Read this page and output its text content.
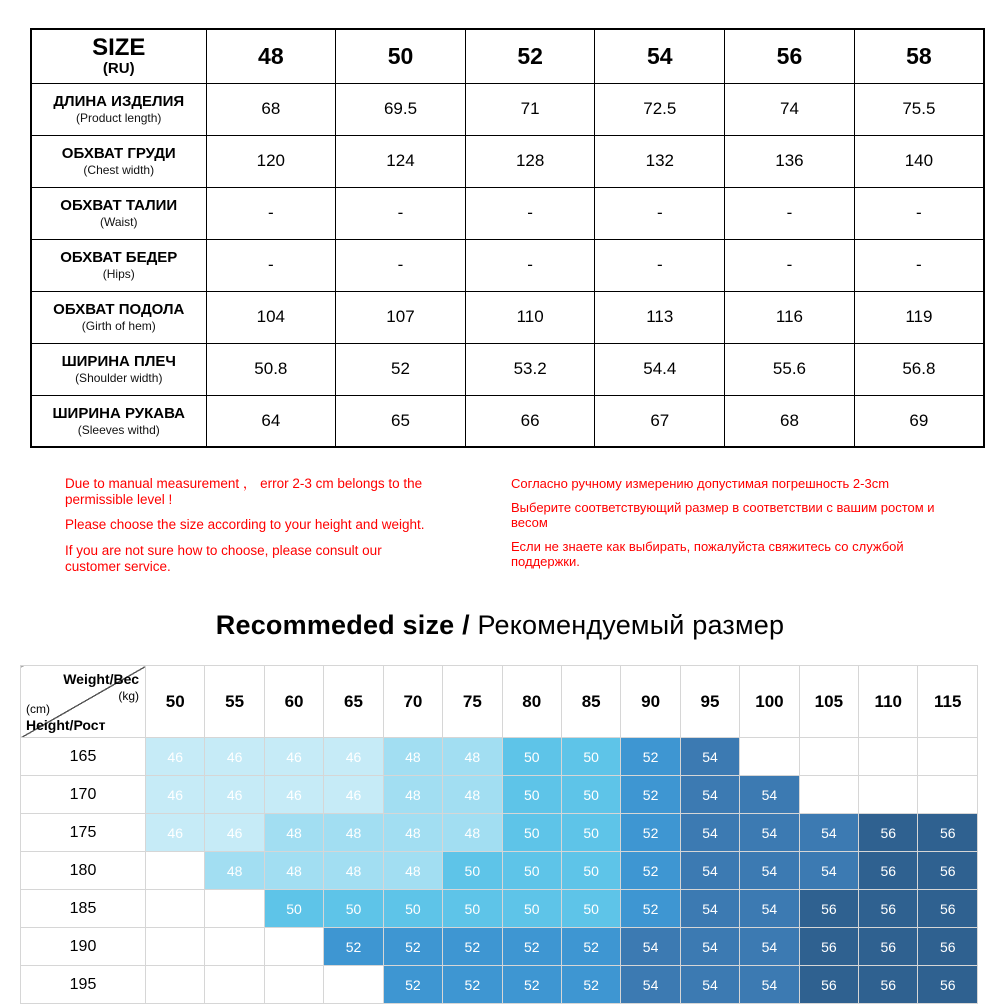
SIZE
(RU)	48	50	52	54	56	58

ДЛИНА ИЗДЕЛИЯ
(Product length)	68	69.5	71	72.5	74	75.5

ОБХВАТ ГРУДИ
(Chest width)	120	124	128	132	136	140

ОБХВАТ ТАЛИИ
(Waist)	-	-	-	-	-	-

ОБХВАТ БЕДЕР
(Hips)	-	-	-	-	-	-

ОБХВАТ ПОДОЛА
(Girth of hem)	104	107	110	113	116	119

ШИРИНА ПЛЕЧ
(Shoulder width)	50.8	52	53.2	54.4	55.6	56.8

ШИРИНА РУКАВА
(Sleeves withd)	64	65	66	67	68	69

Due to manual measurement ， error 2-3 cm belongs to the permissible level !

Please choose the size according to your height and weight.

If you are not sure how to choose, please consult our customer service.

Согласно ручному измерению допустимая погрешность 2-3cm

Выберите соответствующий размер в соответствии с вашим ростом и весом

Если не знаете как выбирать, пожалуйста свяжитесь со службой поддержки.

Recommeded size / Рекомендуемый размер
Weight/Вес
(kg)
(cm)
Height/Рост	50	55	60	65	70	75	80	85	90	95	100	105	110	115
165	46	46	46	46	48	48	50	50	52	54				
170	46	46	46	46	48	48	50	50	52	54	54			
175	46	46	48	48	48	48	50	50	52	54	54	54	56	56
180		48	48	48	48	50	50	50	52	54	54	54	56	56
185			50	50	50	50	50	50	52	54	54	56	56	56
190				52	52	52	52	52	54	54	54	56	56	56
195					52	52	52	52	54	54	54	56	56	56
